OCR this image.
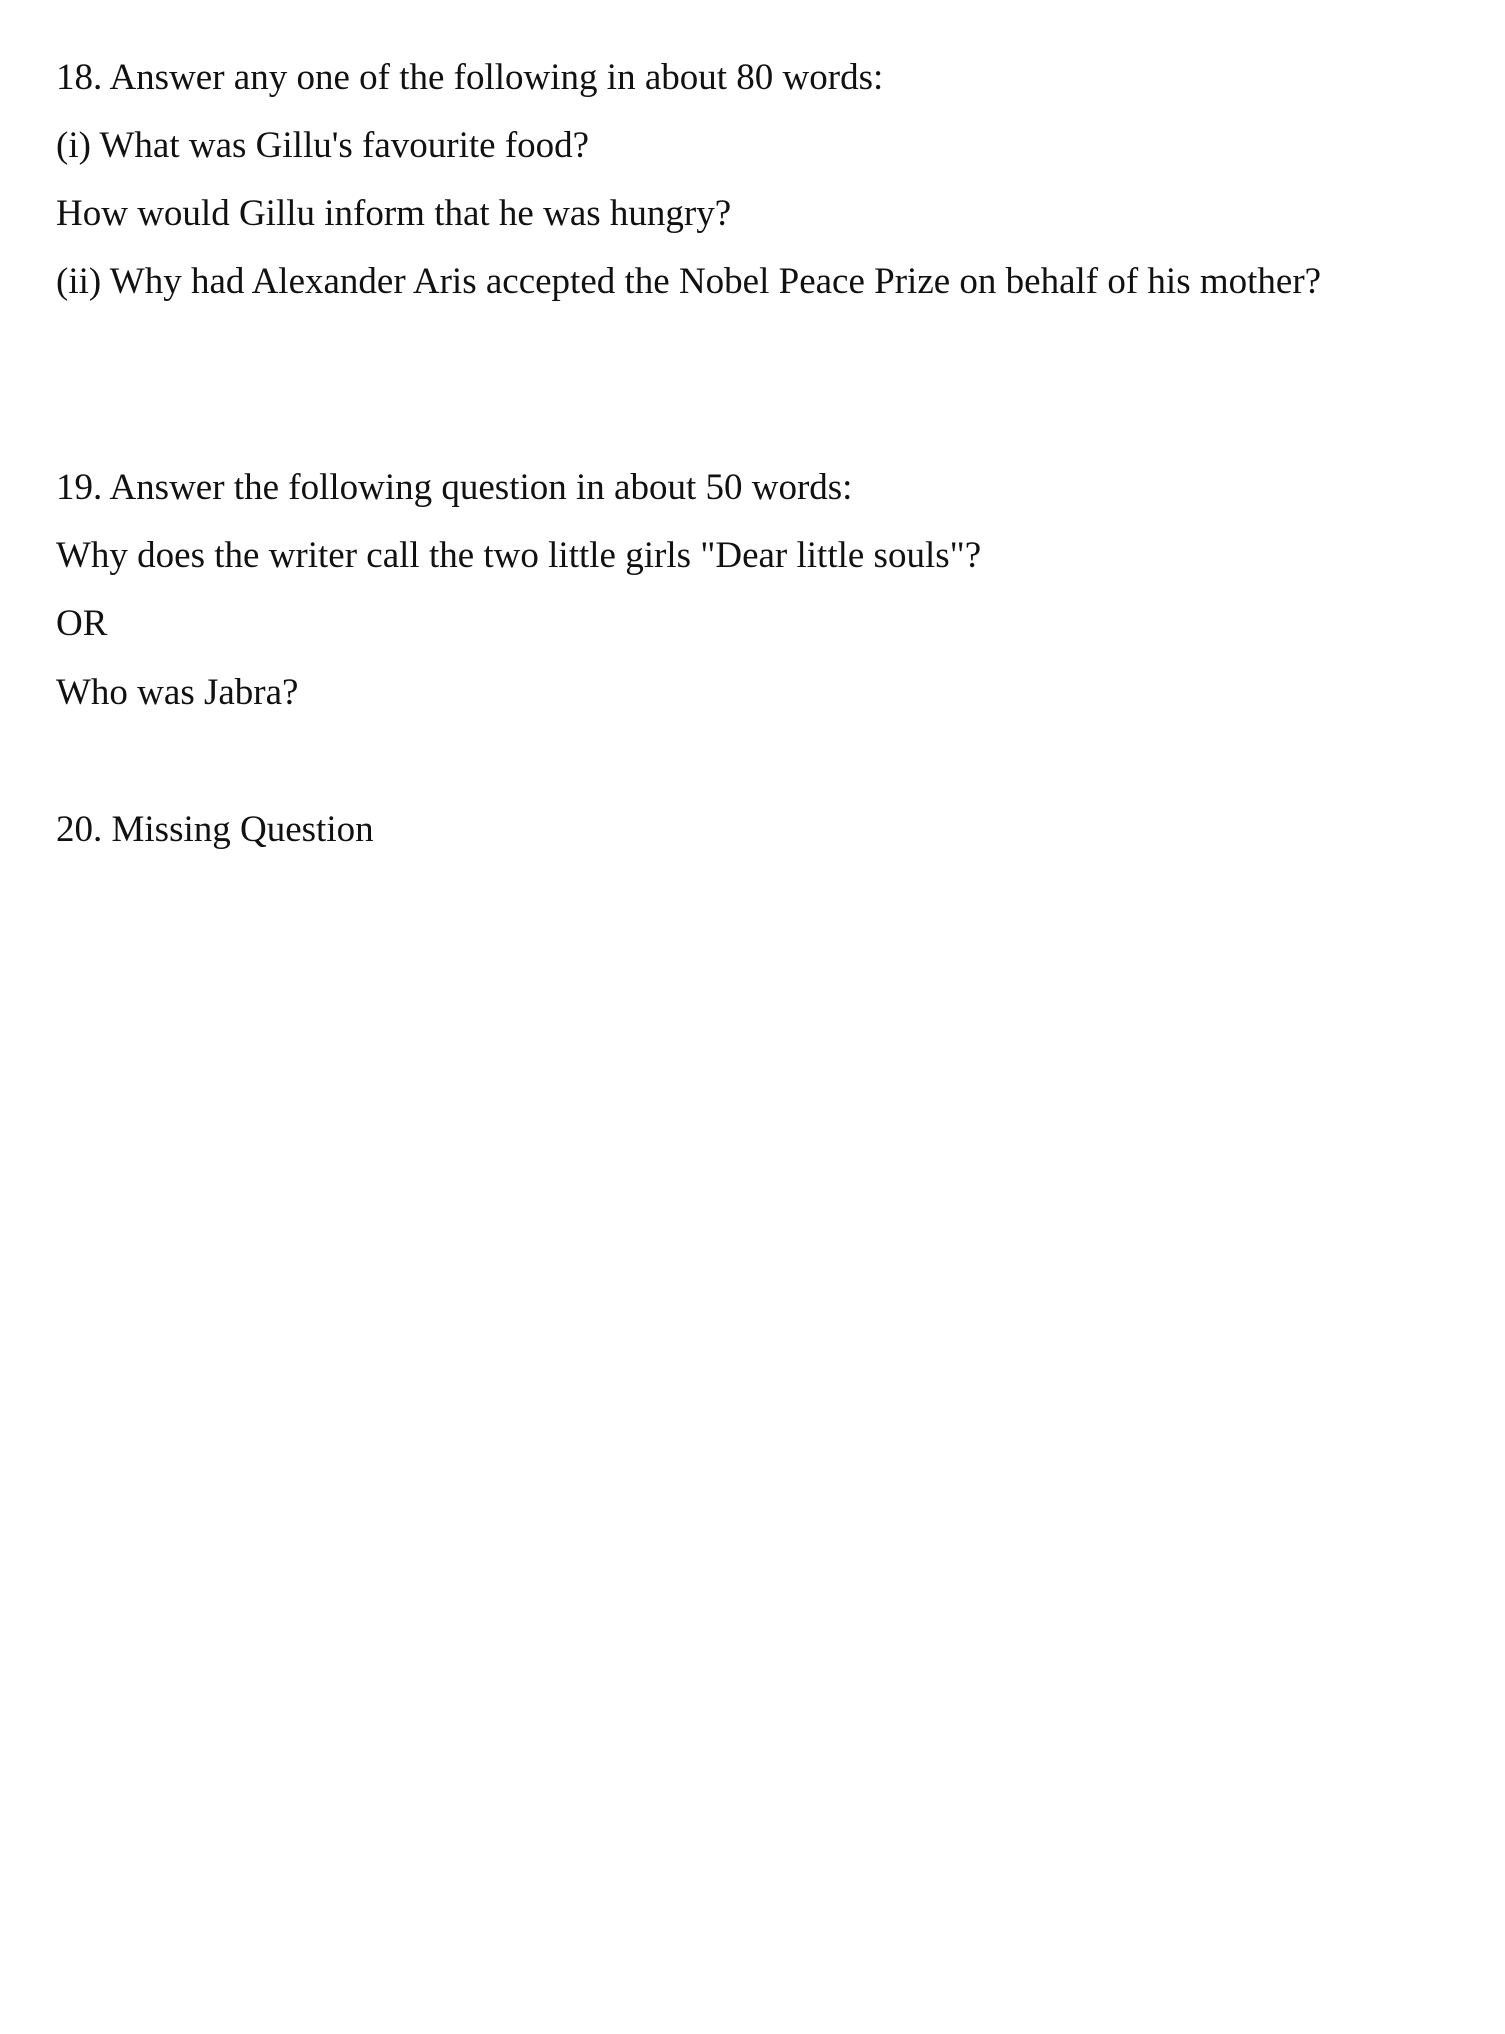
18. Answer any one of the following in about 80 words:
(i) What was Gillu's favourite food?
How would Gillu inform that he was hungry?
(ii) Why had Alexander Aris accepted the Nobel Peace Prize on behalf of his mother?
19. Answer the following question in about 50 words:
Why does the writer call the two little girls "Dear little souls"?
OR
Who was Jabra?
20. Missing Question
